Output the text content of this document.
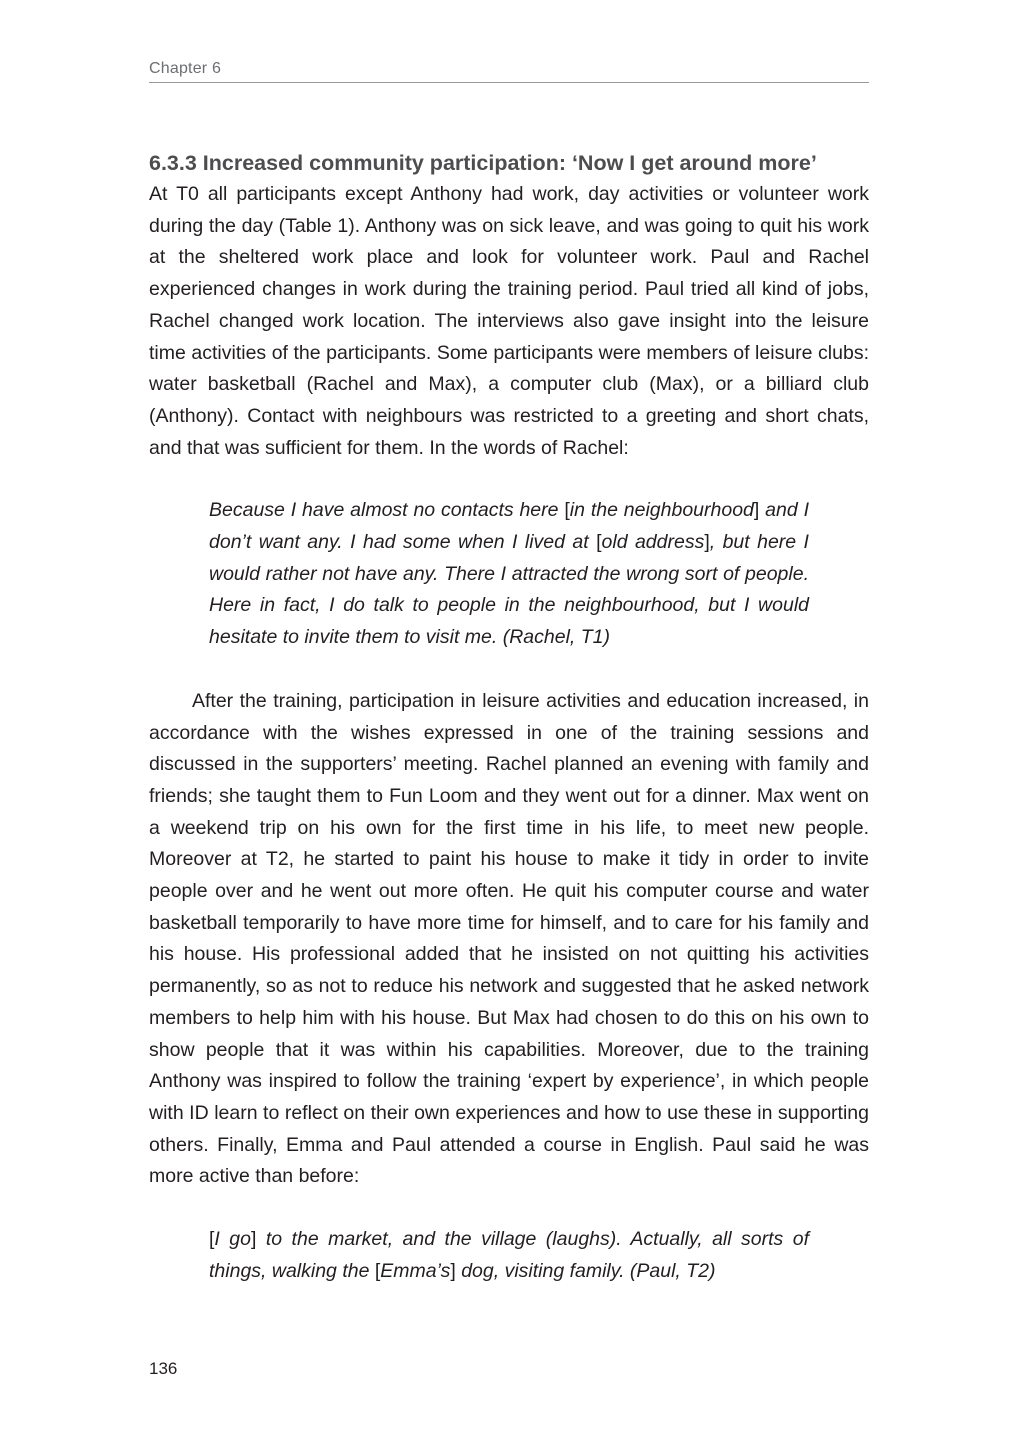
Chapter 6
6.3.3 Increased community participation: ‘Now I get around more’

At T0 all participants except Anthony had work, day activities or volunteer work during the day (Table 1). Anthony was on sick leave, and was going to quit his work at the sheltered work place and look for volunteer work. Paul and Rachel experienced changes in work during the training period. Paul tried all kind of jobs, Rachel changed work location. The interviews also gave insight into the leisure time activities of the participants. Some participants were members of leisure clubs: water basketball (Rachel and Max), a computer club (Max), or a billiard club (Anthony). Contact with neighbours was restricted to a greeting and short chats, and that was sufficient for them. In the words of Rachel:

Because I have almost no contacts here [in the neighbourhood] and I don’t want any. I had some when I lived at [old address], but here I would rather not have any. There I attracted the wrong sort of people. Here in fact, I do talk to people in the neighbourhood, but I would hesitate to invite them to visit me. (Rachel, T1)

After the training, participation in leisure activities and education increased, in accordance with the wishes expressed in one of the training sessions and discussed in the supporters’ meeting. Rachel planned an evening with family and friends; she taught them to Fun Loom and they went out for a dinner. Max went on a weekend trip on his own for the first time in his life, to meet new people. Moreover at T2, he started to paint his house to make it tidy in order to invite people over and he went out more often. He quit his computer course and water basketball temporarily to have more time for himself, and to care for his family and his house. His professional added that he insisted on not quitting his activities permanently, so as not to reduce his network and suggested that he asked network members to help him with his house. But Max had chosen to do this on his own to show people that it was within his capabilities. Moreover, due to the training Anthony was inspired to follow the training ‘expert by experience’, in which people with ID learn to reflect on their own experiences and how to use these in supporting others. Finally, Emma and Paul attended a course in English. Paul said he was more active than before:

[I go] to the market, and the village (laughs). Actually, all sorts of things, walking the [Emma’s] dog, visiting family. (Paul, T2)
136
